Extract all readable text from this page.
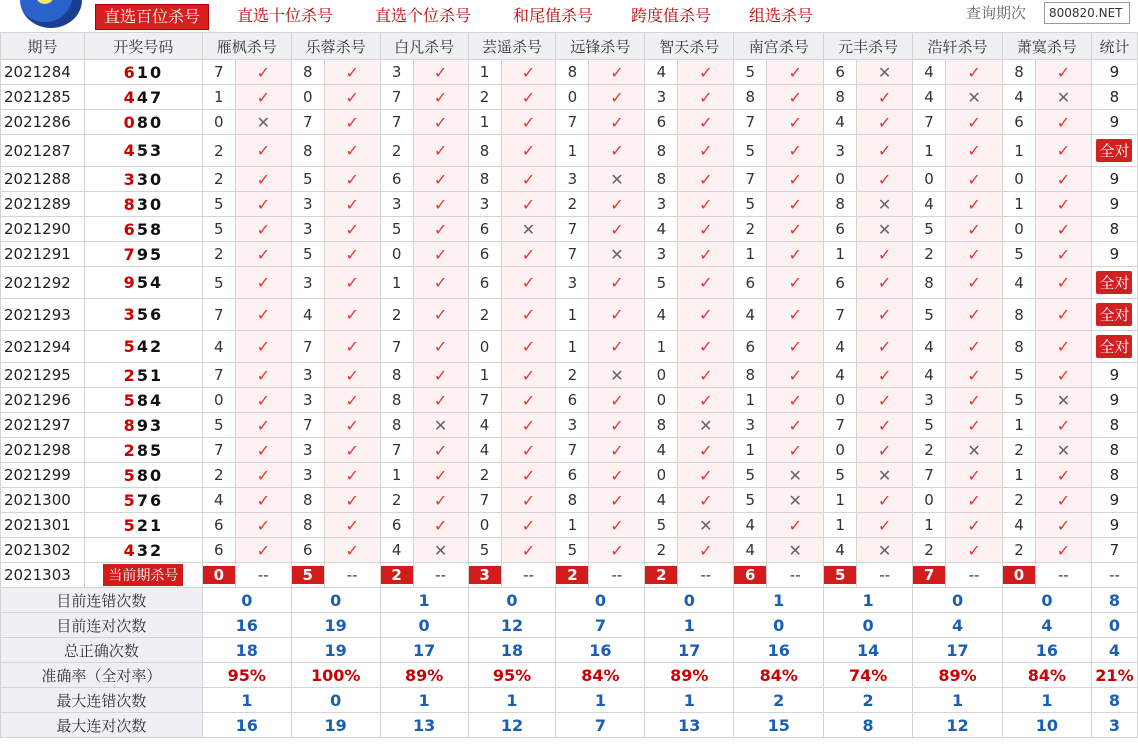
直选百位杀号	直选十位杀号	直选个位杀号	和尾值杀号 跨度值杀号 组选杀号	查询期次
800820.NET
期号	开奖号码	雁枫杀号		乐蓉杀号		白凡杀号		芸遥杀号		远锋杀号		智天杀号		南宫杀号		元丰杀号		浩轩杀号		萧寞杀号		统计
2021284	610	7	✓	8	✓	3	✓	1	✓	8	✓	4	✓	5	✓	6	✕	4	✓	8	✓	9
2021285	447	1	✓	0	✓	7	✓	2	✓	0	✓	3	✓	8	✓	8	✓	4	✕	4	✕	8
2021286	080	0	✕	7	✓	7	✓	1	✓	7	✓	6	✓	7	✓	4	✓	7	✓	6	✓	9
2021287	453	2	✓	8	✓	2	✓	8	✓	1	✓	8	✓	5	✓	3	✓	1	✓	1	✓	全对
2021288	330	2	✓	5	✓	6	✓	8	✓	3	✕	8	✓	7	✓	0	✓	0	✓	0	✓	9
2021289	830	5	✓	3	✓	3	✓	3	✓	2	✓	3	✓	5	✓	8	✕	4	✓	1	✓	9
2021290	658	5	✓	3	✓	5	✓	6	✕	7	✓	4	✓	2	✓	6	✕	5	✓	0	✓	8
2021291	795	2	✓	5	✓	0	✓	6	✓	7	✕	3	✓	1	✓	1	✓	2	✓	5	✓	9
2021292	954	5	✓	3	✓	1	✓	6	✓	3	✓	5	✓	6	✓	6	✓	8	✓	4	✓	全对
2021293	356	7	✓	4	✓	2	✓	2	✓	1	✓	4	✓	4	✓	7	✓	5	✓	8	✓	全对
2021294	542	4	✓	7	✓	7	✓	0	✓	1	✓	1	✓	6	✓	4	✓	4	✓	8	✓	全对
2021295	251	7	✓	3	✓	8	✓	1	✓	2	✕	0	✓	8	✓	4	✓	4	✓	5	✓	9
2021296	584	0	✓	3	✓	8	✓	7	✓	6	✓	0	✓	1	✓	0	✓	3	✓	5	✕	9
2021297	893	5	✓	7	✓	8	✕	4	✓	3	✓	8	✕	3	✓	7	✓	5	✓	1	✓	8
2021298	285	7	✓	3	✓	7	✓	4	✓	7	✓	4	✓	1	✓	0	✓	2	✕	2	✕	8
2021299	580	2	✓	3	✓	1	✓	2	✓	6	✓	0	✓	5	✕	5	✕	7	✓	1	✓	8
2021300	576	4	✓	8	✓	2	✓	7	✓	8	✓	4	✓	5	✕	1	✓	0	✓	2	✓	9
2021301	521	6	✓	8	✓	6	✓	0	✓	1	✓	5	✕	4	✓	1	✓	1	✓	4	✓	9
2021302	432	6	✓	6	✓	4	✕	5	✓	5	✓	2	✓	4	✕	4	✕	2	✓	2	✓	7
2021303	当前期杀号	0	--	5	--	2	--	3	--	2	--	2	--	6	--	5	--	7	--	0	--	--
目前连错次数		0		0		1		0		0		0		1		1		0		0		8
目前连对次数		16		19		0		12		7		1		0		0		4		4		0
总正确次数		18		19		17		18		16		17		16		14		17		16		4
准确率（全对率）		95%		100%		89%		95%		84%		89%		84%		74%		89%		84%		21%
最大连错次数		1		0		1		1		1		1		2		2		1		1		8
最大连对次数		16		19		13		12		7		13		15		8		12		10		3
